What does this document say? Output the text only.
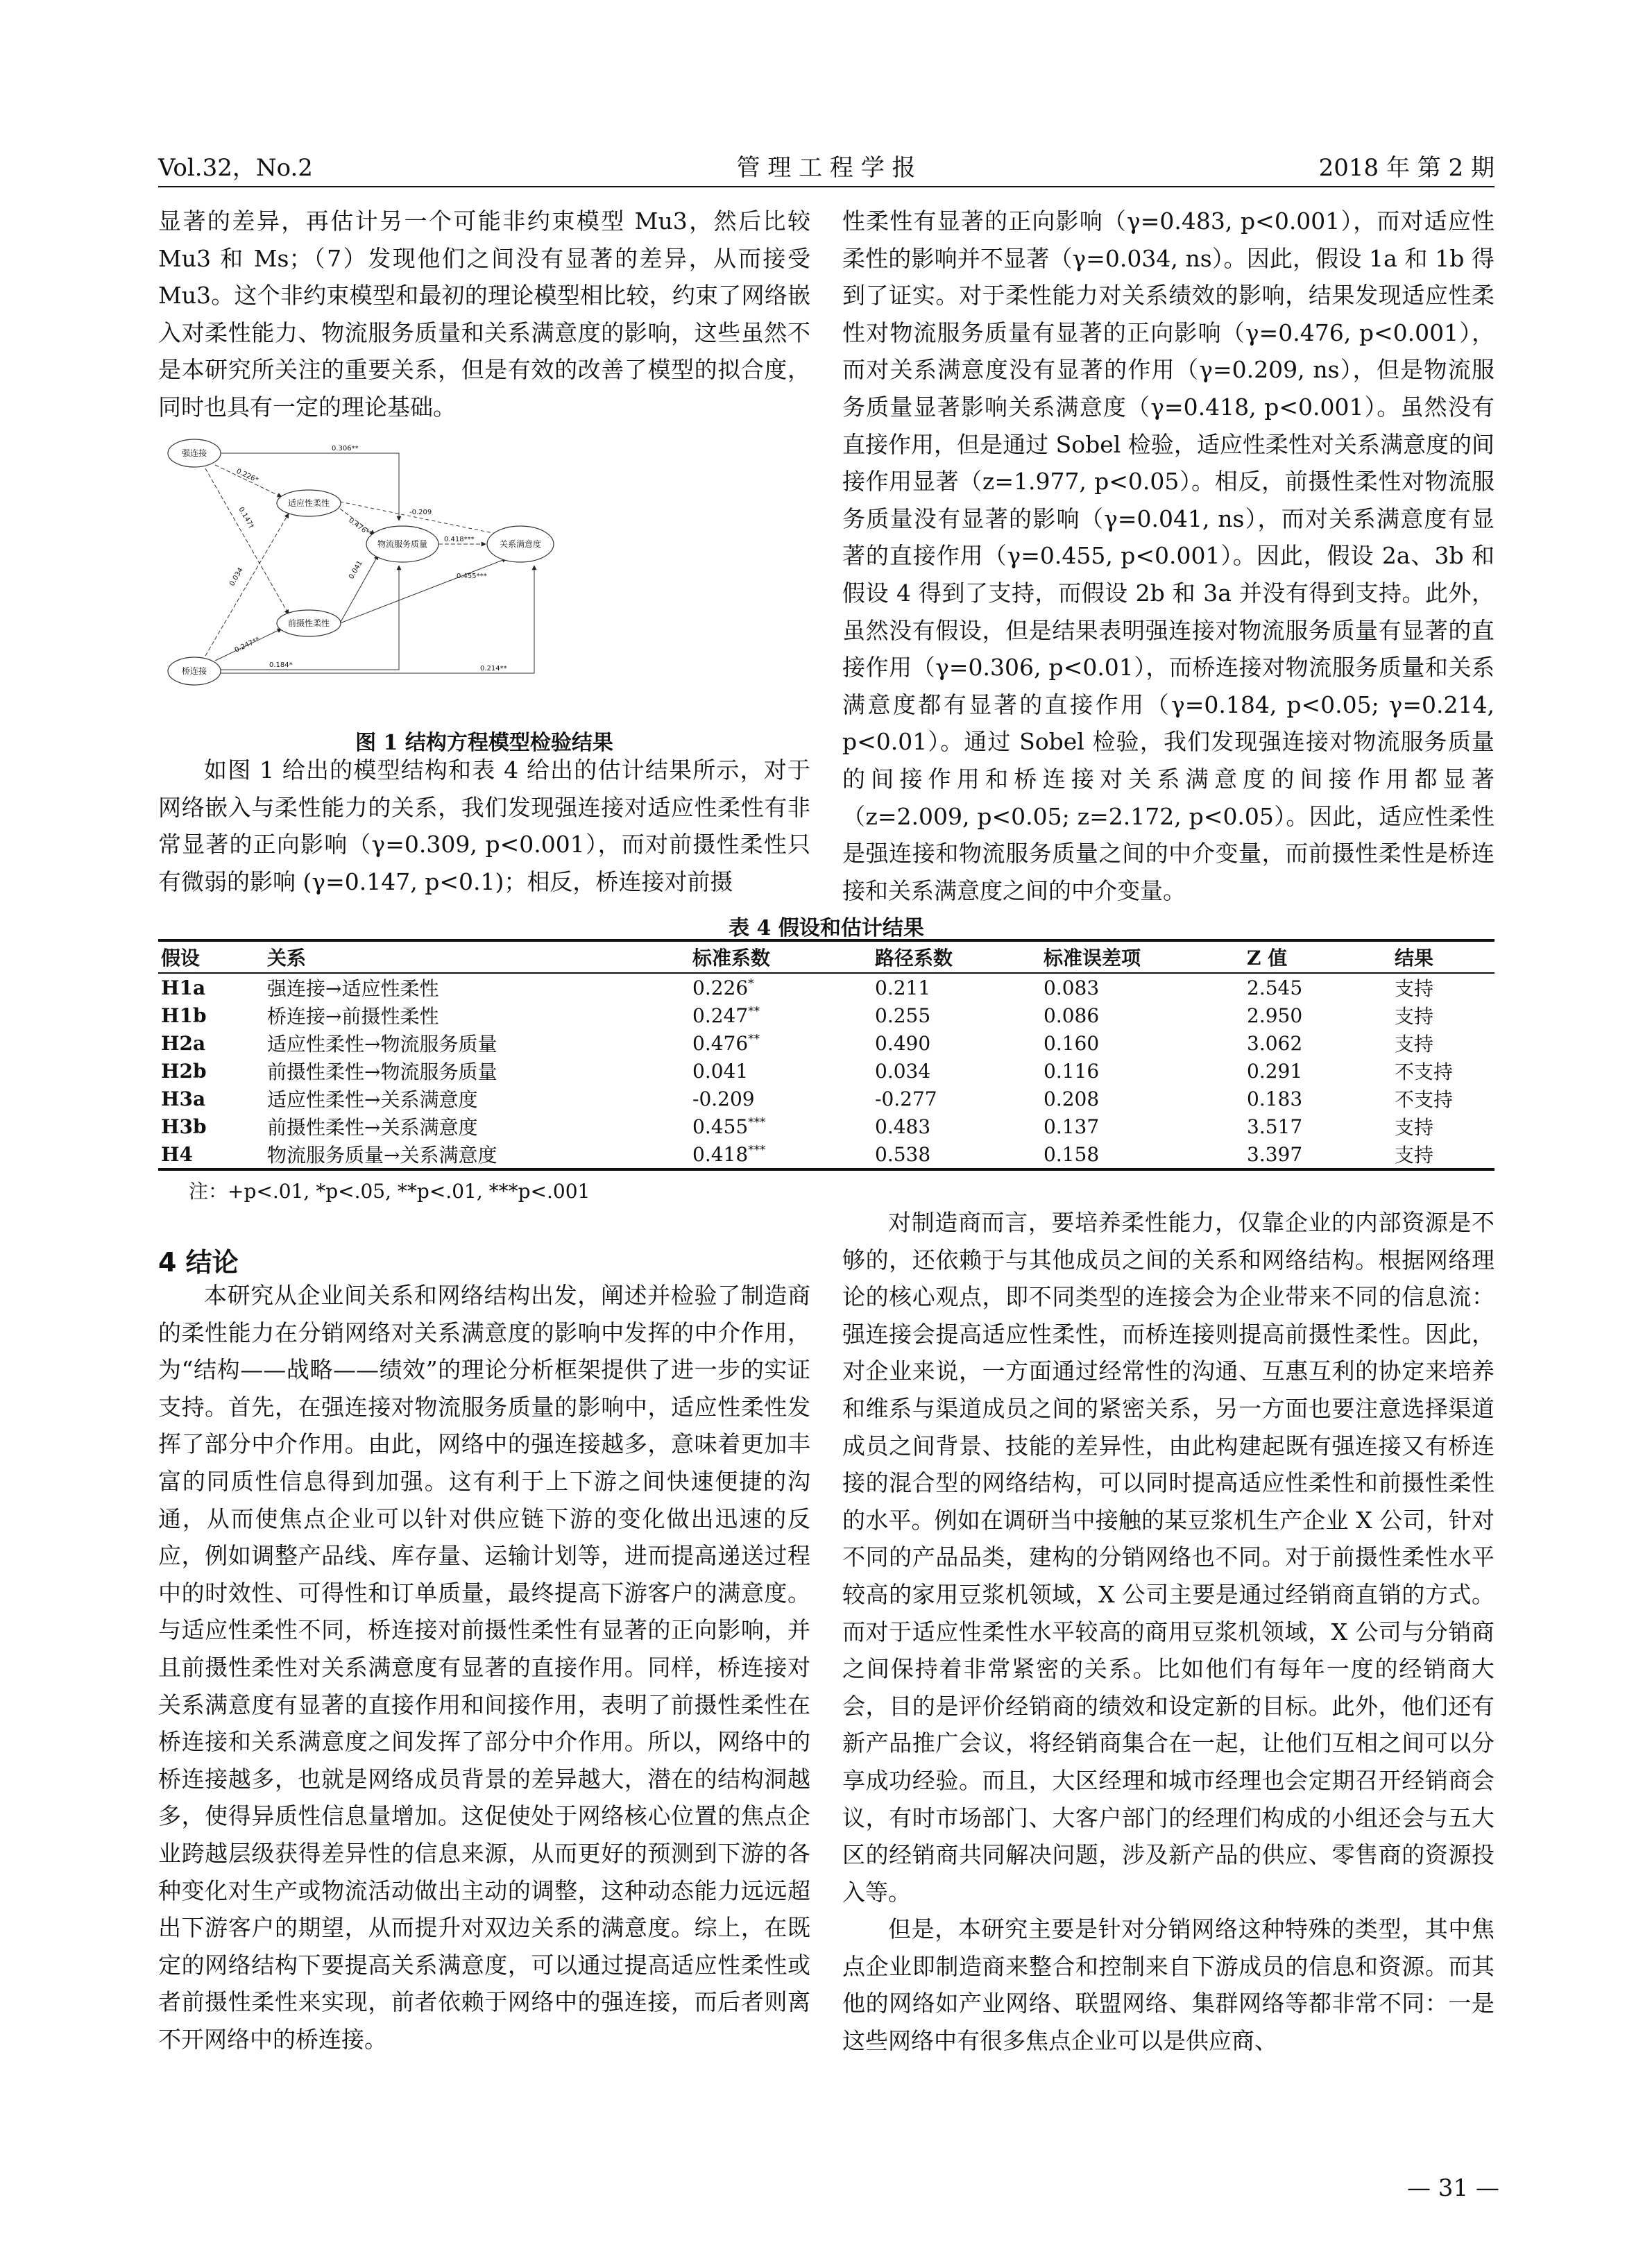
Vol.32，No.2	管 理 工 程 学 报	2018 年 第 2 期

显著的差异，再估计另一个可能非约束模型 Mu3，然后比较 Mu3 和 Ms；（7）发现他们之间没有显著的差异，从而接受 Mu3。这个非约束模型和最初的理论模型相比较，约束了网络嵌入对柔性能力、物流服务质量和关系满意度的影响，这些虽然不是本研究所关注的重要关系，但是有效的改善了模型的拟合度，同时也具有一定的理论基础。

强连接
桥连接
适应性柔性
前摄性柔性
物流服务质量	关系满意度
0.306**
0.226*
0.147†
0.034
0.247**
0.184*	0.214**
0.476**
-0.209
0.041	0.455***
0.418***
图 1 结构方程模型检验结果

如图 1 给出的模型结构和表 4 给出的估计结果所示，对于网络嵌入与柔性能力的关系，我们发现强连接对适应性柔性有非常显著的正向影响（γ=0.309, p<0.001），而对前摄性柔性只有微弱的影响 (γ=0.147, p<0.1)；相反，桥连接对前摄

性柔性有显著的正向影响（γ=0.483, p<0.001），而对适应性柔性的影响并不显著（γ=0.034, ns）。因此，假设 1a 和 1b 得到了证实。对于柔性能力对关系绩效的影响，结果发现适应性柔性对物流服务质量有显著的正向影响（γ=0.476, p<0.001），而对关系满意度没有显著的作用（γ=0.209, ns），但是物流服务质量显著影响关系满意度（γ=0.418, p<0.001）。虽然没有直接作用，但是通过 Sobel 检验，适应性柔性对关系满意度的间接作用显著（z=1.977, p<0.05）。相反，前摄性柔性对物流服务质量没有显著的影响（γ=0.041, ns），而对关系满意度有显著的直接作用（γ=0.455, p<0.001）。因此，假设 2a、3b 和假设 4 得到了支持，而假设 2b 和 3a 并没有得到支持。此外，虽然没有假设，但是结果表明强连接对物流服务质量有显著的直接作用（γ=0.306, p<0.01），而桥连接对物流服务质量和关系满意度都有显著的直接作用（γ=0.184, p<0.05; γ=0.214, p<0.01）。通过 Sobel 检验，我们发现强连接对物流服务质量的间接作用和桥连接对关系满意度的间接作用都显著（z=2.009, p<0.05; z=2.172, p<0.05）。因此，适应性柔性是强连接和物流服务质量之间的中介变量，而前摄性柔性是桥连接和关系满意度之间的中介变量。

表 4 假设和估计结果
假设	关系	标准系数	路径系数	标准误差项	Z 值	结果
H1a	强连接→适应性柔性	0.226*	0.211	0.083	2.545	支持
H1b	桥连接→前摄性柔性	0.247**	0.255	0.086	2.950	支持
H2a	适应性柔性→物流服务质量	0.476**	0.490	0.160	3.062	支持
H2b	前摄性柔性→物流服务质量	0.041	0.034	0.116	0.291	不支持
H3a	适应性柔性→关系满意度	-0.209	-0.277	0.208	0.183	不支持
H3b	前摄性柔性→关系满意度	0.455***	0.483	0.137	3.517	支持
H4	物流服务质量→关系满意度	0.418***	0.538	0.158	3.397	支持
注：+p<.01, *p<.05, **p<.01, ***p<.001
4 结论

本研究从企业间关系和网络结构出发，阐述并检验了制造商的柔性能力在分销网络对关系满意度的影响中发挥的中介作用，为“结构——战略——绩效”的理论分析框架提供了进一步的实证支持。首先，在强连接对物流服务质量的影响中，适应性柔性发挥了部分中介作用。由此，网络中的强连接越多，意味着更加丰富的同质性信息得到加强。这有利于上下游之间快速便捷的沟通，从而使焦点企业可以针对供应链下游的变化做出迅速的反应，例如调整产品线、库存量、运输计划等，进而提高递送过程中的时效性、可得性和订单质量，最终提高下游客户的满意度。与适应性柔性不同，桥连接对前摄性柔性有显著的正向影响，并且前摄性柔性对关系满意度有显著的直接作用。同样，桥连接对关系满意度有显著的直接作用和间接作用，表明了前摄性柔性在桥连接和关系满意度之间发挥了部分中介作用。所以，网络中的桥连接越多，也就是网络成员背景的差异越大，潜在的结构洞越多，使得异质性信息量增加。这促使处于网络核心位置的焦点企业跨越层级获得差异性的信息来源，从而更好的预测到下游的各种变化对生产或物流活动做出主动的调整，这种动态能力远远超出下游客户的期望，从而提升对双边关系的满意度。综上，在既定的网络结构下要提高关系满意度，可以通过提高适应性柔性或者前摄性柔性来实现，前者依赖于网络中的强连接，而后者则离不开网络中的桥连接。

对制造商而言，要培养柔性能力，仅靠企业的内部资源是不够的，还依赖于与其他成员之间的关系和网络结构。根据网络理论的核心观点，即不同类型的连接会为企业带来不同的信息流：强连接会提高适应性柔性，而桥连接则提高前摄性柔性。因此，对企业来说，一方面通过经常性的沟通、互惠互利的协定来培养和维系与渠道成员之间的紧密关系，另一方面也要注意选择渠道成员之间背景、技能的差异性，由此构建起既有强连接又有桥连接的混合型的网络结构，可以同时提高适应性柔性和前摄性柔性的水平。例如在调研当中接触的某豆浆机生产企业 X 公司，针对不同的产品品类，建构的分销网络也不同。对于前摄性柔性水平较高的家用豆浆机领域，X 公司主要是通过经销商直销的方式。而对于适应性柔性水平较高的商用豆浆机领域，X 公司与分销商之间保持着非常紧密的关系。比如他们有每年一度的经销商大会，目的是评价经销商的绩效和设定新的目标。此外，他们还有新产品推广会议，将经销商集合在一起，让他们互相之间可以分享成功经验。而且，大区经理和城市经理也会定期召开经销商会议，有时市场部门、大客户部门的经理们构成的小组还会与五大区的经销商共同解决问题，涉及新产品的供应、零售商的资源投入等。

但是，本研究主要是针对分销网络这种特殊的类型，其中焦点企业即制造商来整合和控制来自下游成员的信息和资源。而其他的网络如产业网络、联盟网络、集群网络等都非常不同：一是这些网络中有很多焦点企业可以是供应商、

— 31 —
